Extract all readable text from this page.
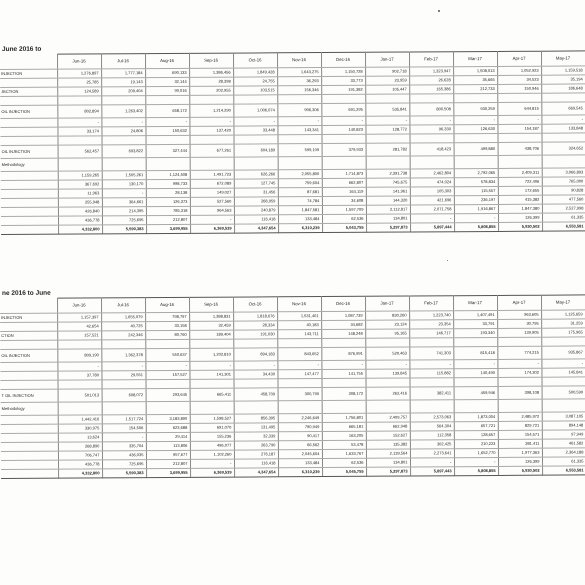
June 2016 to
	Jun-16	Jul-16	Aug-16	Sep-16	Oct-16	Nov-16	Dec-16	Jan-17	Feb-17	Mar-17	Apr-17	May-17
INJECTION	1,276,897	1,777,184	690,133	1,386,456	1,849,428	1,643,275	1,150,728	902,718	1,323,947	1,508,013	1,052,923	1,159,518
	25,785	19,143	32,144	28,398	24,755	36,293	33,773	23,959	26,628	35,665	34,523	35,194
JECTION	124,589	209,404	90,016	202,955	103,515	156,346	191,382	105,447	165,386	212,733	150,946	186,648

OIL INJECTION	802,894	1,263,402	658,172	1,214,290	1,006,074	906,306	691,295	535,841	800,508	930,259	644,815	669,545
	-	-	-	-	-	-	-	-	-	-	-	-
	33,174	24,806	150,632	137,420	33,448	143,341	140,823	128,772	96,330	126,630	154,187	133,848

OIL INJECTION	562,457	693,822	327,444	677,261	604,189	599,109	379,933	281,782	418,423	499,880	438,706	324,652
Methodology												
	1,159,265	1,505,261	1,124,508	1,491,723	626,266	2,055,800	1,714,873	2,391,738	2,462,804	2,792,065	2,409,311	3,066,893
	367,692	130,170	998,733	672,089	127,745	759,604	662,807	745,675	474,024	578,834	722,406	765,000
	11,963	-	28,138	149,027	31,456	87,681	164,119	141,961	105,303	115,557	172,655	90,828
	255,948	364,661	126,373	527,560	268,959	74,784	34,608	144,320	421,696	236,197	415,382	477,560
	426,840	214,395	785,318	964,563	240,879	1,847,581	1,597,709	2,112,817	2,071,758	1,916,867	1,847,380	2,527,998
	436,778	725,695	212,807	-	116,418	133,484	62,536	134,801	-	-	126,399	61,335
	4,332,800	5,590,383	3,699,955	6,369,539	4,347,654	6,310,239	5,043,755	5,297,873	5,897,444	5,808,855	5,930,502	6,553,581
ne 2016 to June
	Jun-16	Jul-16	Aug-16	Sep-16	Oct-16	Nov-16	Dec-16	Jan-17	Feb-17	Mar-17	Apr-17	May-17
INJECTION	1,157,397	1,655,079	798,797	1,388,831	1,818,676	1,531,401	1,087,739	830,260	1,223,740	1,407,491	963,605	1,125,659
	42,654	40,725	33,158	32,459	28,334	40,183	34,682	23,124	23,354	33,791	30,795	31,259
CTION	157,521	242,346	80,760	189,404	191,030	143,711	148,248	95,165	146,717	193,340	139,905	175,965

OIL INJECTION	809,190	1,362,378	550,637	1,202,810	894,183	843,652	876,991	520,463	741,303	815,418	774,215	935,867
	-	-	-	-	-	-	-	-	-	-	-	-
	37,780	29,551	157,527	141,301	34,430	147,477	141,755	139,845	115,882	140,490	174,302	145,841

T OIL INJECTION	501,013	608,072	293,645	665,411	458,709	300,790	308,172	262,416	382,411	459,946	398,108	500,590
Methodology												
	1,442,416	1,517,724	3,183,890	1,598,527	856,395	2,246,649	1,756,801	2,409,757	2,573,063	1,873,004	2,485,972	3,087,105
	330,975	154,506	623,688	691,070	131,495	790,949	665,181	662,948	564,304	657,721	829,721	894,148
	13,624	-	29,414	155,236	32,339	90,417	163,205	152,627	112,358	128,657	154,571	97,949
	268,890	335,704	113,806	496,077	263,790	66,562	53,478	135,382	302,425	210,223	381,411	461,582
	706,747	436,035	957,677	1,102,260	276,187	2,045,604	1,633,767	2,139,564	2,273,641	1,652,770	1,977,363	2,364,188
	436,778	725,695	212,807	-	116,418	133,484	62,536	134,801	-	-	126,399	61,335
	4,332,800	5,590,383	3,699,955	6,369,539	4,347,654	6,310,239	5,045,755	5,297,873	5,897,443	5,808,855	5,930,502	6,553,581
